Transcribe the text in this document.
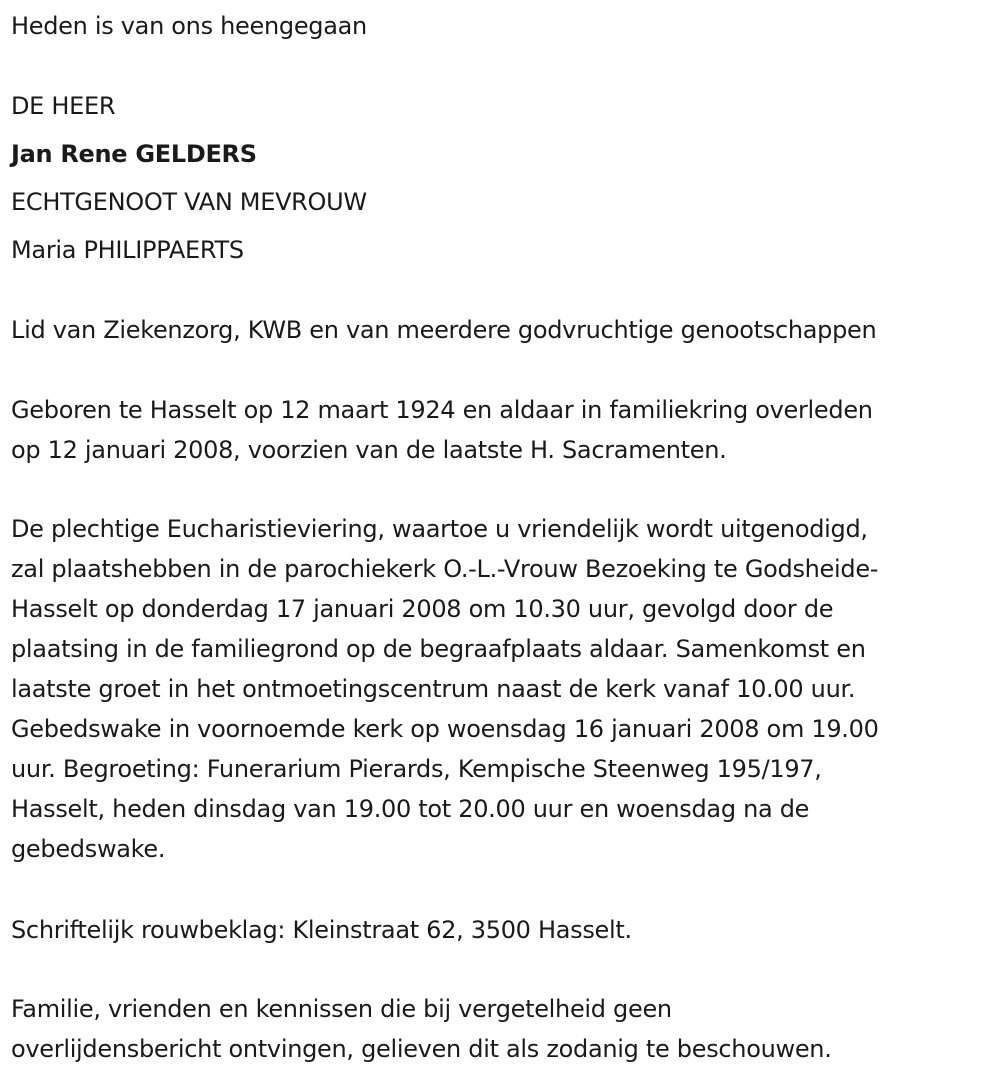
Heden is van ons heengegaan
DE HEER
Jan Rene GELDERS
ECHTGENOOT VAN MEVROUW
Maria PHILIPPAERTS
Lid van Ziekenzorg, KWB en van meerdere godvruchtige genootschappen
Geboren te Hasselt op 12 maart 1924 en aldaar in familiekring overleden
op 12 januari 2008, voorzien van de laatste H. Sacramenten.
De plechtige Eucharistieviering, waartoe u vriendelijk wordt uitgenodigd,
zal plaatshebben in de parochiekerk O.-L.-Vrouw Bezoeking te Godsheide-
Hasselt op donderdag 17 januari 2008 om 10.30 uur, gevolgd door de
plaatsing in de familiegrond op de begraafplaats aldaar. Samenkomst en
laatste groet in het ontmoetingscentrum naast de kerk vanaf 10.00 uur.
Gebedswake in voornoemde kerk op woensdag 16 januari 2008 om 19.00
uur. Begroeting: Funerarium Pierards, Kempische Steenweg 195/197,
Hasselt, heden dinsdag van 19.00 tot 20.00 uur en woensdag na de
gebedswake.
Schriftelijk rouwbeklag: Kleinstraat 62, 3500 Hasselt.
Familie, vrienden en kennissen die bij vergetelheid geen
overlijdensbericht ontvingen, gelieven dit als zodanig te beschouwen.
